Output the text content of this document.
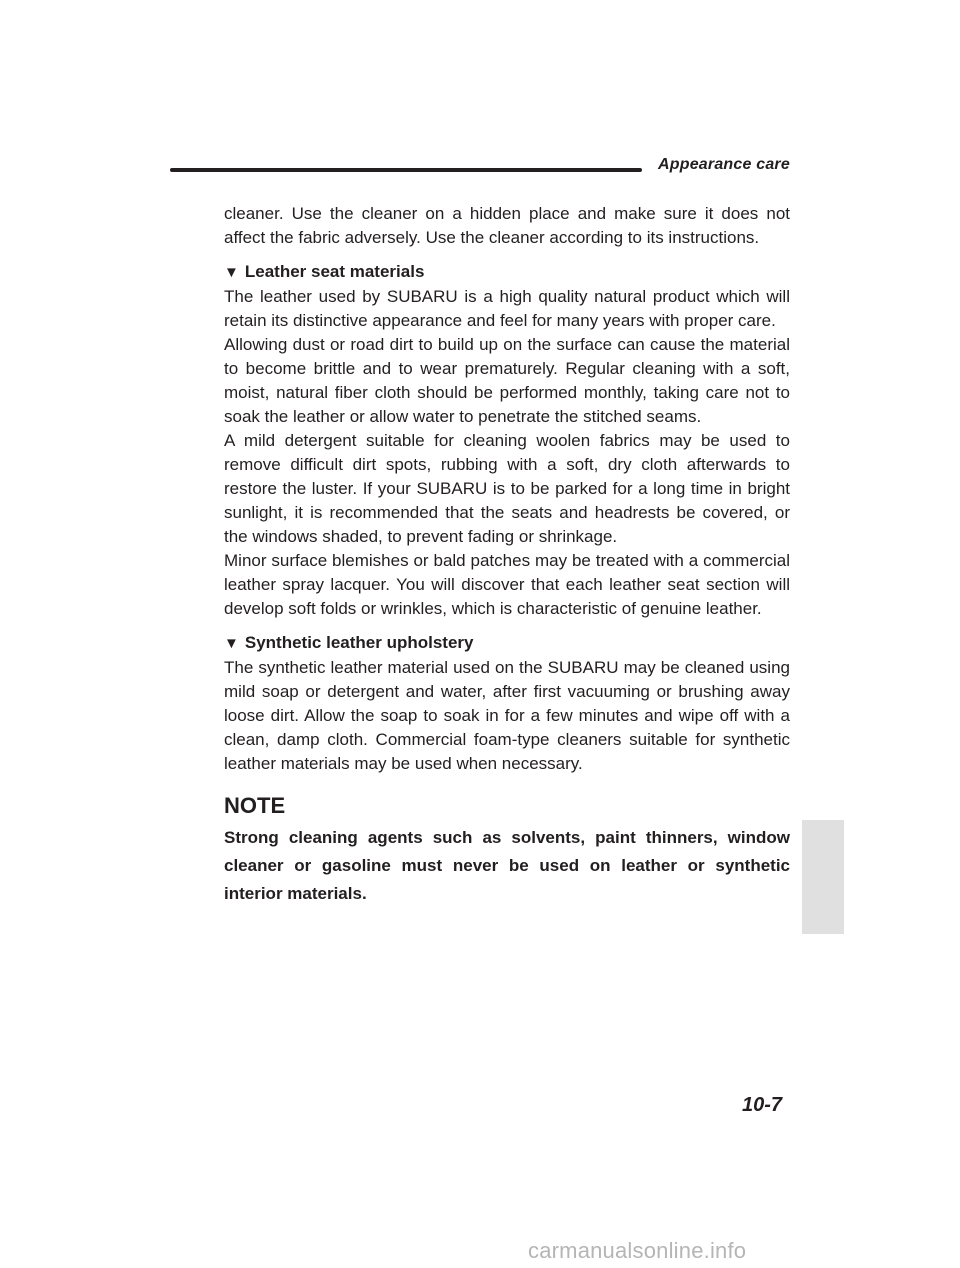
Appearance care

cleaner. Use the cleaner on a hidden place and make sure it does not affect the fabric adversely. Use the cleaner according to its instructions.

▼ Leather seat materials

The leather used by SUBARU is a high quality natural product which will retain its distinctive appearance and feel for many years with proper care.

Allowing dust or road dirt to build up on the surface can cause the material to become brittle and to wear prematurely. Regular cleaning with a soft, moist, natural fiber cloth should be performed monthly, taking care not to soak the leather or allow water to penetrate the stitched seams.

A mild detergent suitable for cleaning woolen fabrics may be used to remove difficult dirt spots, rubbing with a soft, dry cloth afterwards to restore the luster. If your SUBARU is to be parked for a long time in bright sunlight, it is recommended that the seats and headrests be covered, or the windows shaded, to prevent fading or shrinkage.

Minor surface blemishes or bald patches may be treated with a commercial leather spray lacquer. You will discover that each leather seat section will develop soft folds or wrinkles, which is characteristic of genuine leather.

▼ Synthetic leather upholstery

The synthetic leather material used on the SUBARU may be cleaned using mild soap or detergent and water, after first vacuuming or brushing away loose dirt. Allow the soap to soak in for a few minutes and wipe off with a clean, damp cloth. Commercial foam-type cleaners suitable for synthetic leather materials may be used when necessary.

NOTE

Strong cleaning agents such as solvents, paint thinners, window cleaner or gasoline must never be used on leather or synthetic interior materials.

10-7
carmanualsonline.info
